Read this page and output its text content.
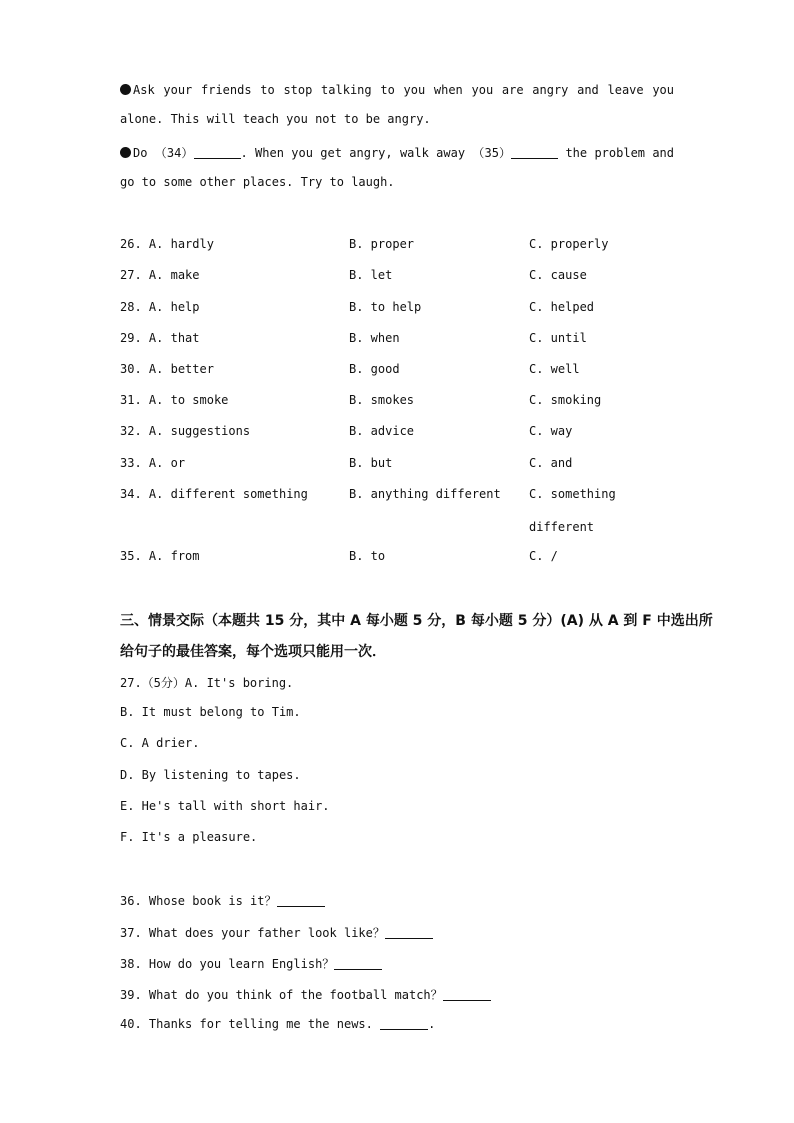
Ask your friends to stop talking to you when you are angry and leave you
alone. This will teach you not to be angry.
Do （34）	. When you get angry, walk away （35）	the problem and
go to some other places. Try to laugh.
26. A. hardly	B. proper	C. properly
27. A. make	B. let	C. cause
28. A. help	B. to help	C. helped
29. A. that	B. when	C. until
30. A. better	B. good	C. well
31. A. to smoke	B. smokes	C. smoking
32. A. suggestions	B. advice	C. way
33. A. or	B. but	C. and
34. A. different something	B. anything different C. something
different
35. A. from	B. to	C. /
三、情景交际（本题共 15 分，其中 A 每小题 5 分，B 每小题 5 分）(A) 从 A 到 F 中选出所
给句子的最佳答案，每个选项只能用一次．
27.（5分）A. It's boring.
B. It must belong to Tim.
C. A drier.
D. By listening to tapes.
E. He's tall with short hair.
F. It's a pleasure.
36. Whose book is it？
37. What does your father look like？
38. How do you learn English？
39. What do you think of the football match？
40. Thanks for telling me the news.	.
